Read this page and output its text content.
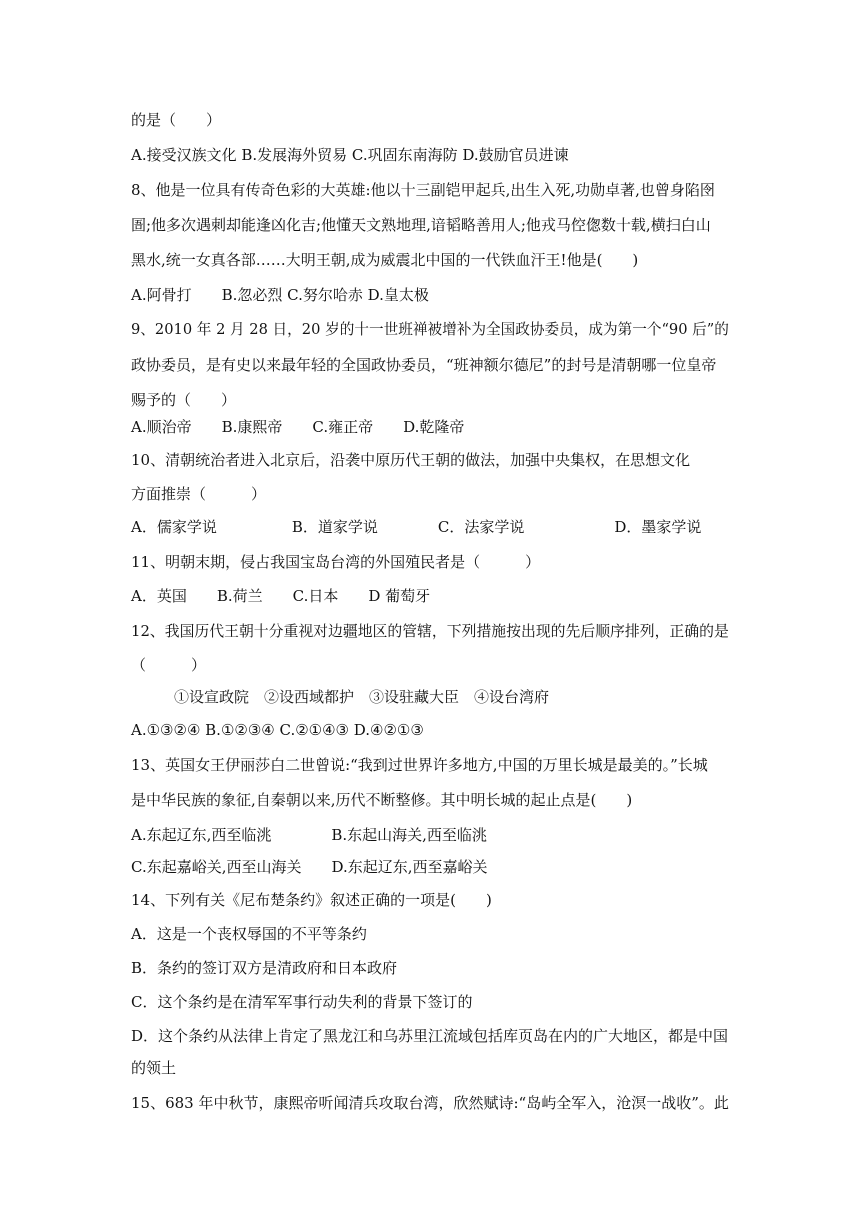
的是（　　）
A.接受汉族文化 B.发展海外贸易 C.巩固东南海防 D.鼓励官员进谏
8、他是一位具有传奇色彩的大英雄:他以十三副铠甲起兵,出生入死,功勋卓著,也曾身陷囹
圄;他多次遇刺却能逢凶化吉;他懂天文熟地理,谙韬略善用人;他戎马倥偬数十载,横扫白山
黑水,统一女真各部……大明王朝,成为威震北中国的一代铁血汗王!他是(　　)
A.阿骨打　　B.忽必烈 C.努尔哈赤 D.皇太极
9、2010 年 2 月 28 日，20 岁的十一世班禅被增补为全国政协委员，成为第一个“90 后”的
政协委员，是有史以来最年轻的全国政协委员，“班神额尔德尼”的封号是清朝哪一位皇帝
赐予的（　　）
A.顺治帝　　B.康熙帝　　C.雍正帝　　D.乾隆帝
10、清朝统治者进入北京后，沿袭中原历代王朝的做法，加强中央集权，在思想文化
方面推崇（　　　）
A．儒家学说　　　　　B．道家学说　　　　C．法家学说　　　　　　D．墨家学说
11、明朝末期，侵占我国宝岛台湾的外国殖民者是（　　　）
A．英国　　B.荷兰　　C.日本　　D 葡萄牙
12、我国历代王朝十分重视对边疆地区的管辖，下列措施按出现的先后顺序排列，正确的是
（　　　）
①设宣政院　②设西域都护　③设驻藏大臣　④设台湾府
A.①③②④ B.①②③④ C.②①④③ D.④②①③
13、英国女王伊丽莎白二世曾说:“我到过世界许多地方,中国的万里长城是最美的。”长城
是中华民族的象征,自秦朝以来,历代不断整修。其中明长城的起止点是(　　)
A.东起辽东,西至临洮　　　　B.东起山海关,西至临洮
C.东起嘉峪关,西至山海关　　D.东起辽东,西至嘉峪关
14、下列有关《尼布楚条约》叙述正确的一项是(　　)
A．这是一个丧权辱国的不平等条约
B．条约的签订双方是清政府和日本政府
C．这个条约是在清军军事行动失利的背景下签订的
D．这个条约从法律上肯定了黑龙江和乌苏里江流域包括库页岛在内的广大地区，都是中国
的领土
15、683 年中秋节，康熙帝听闻清兵攻取台湾，欣然赋诗:“岛屿全军入，沧溟一战收”。此
